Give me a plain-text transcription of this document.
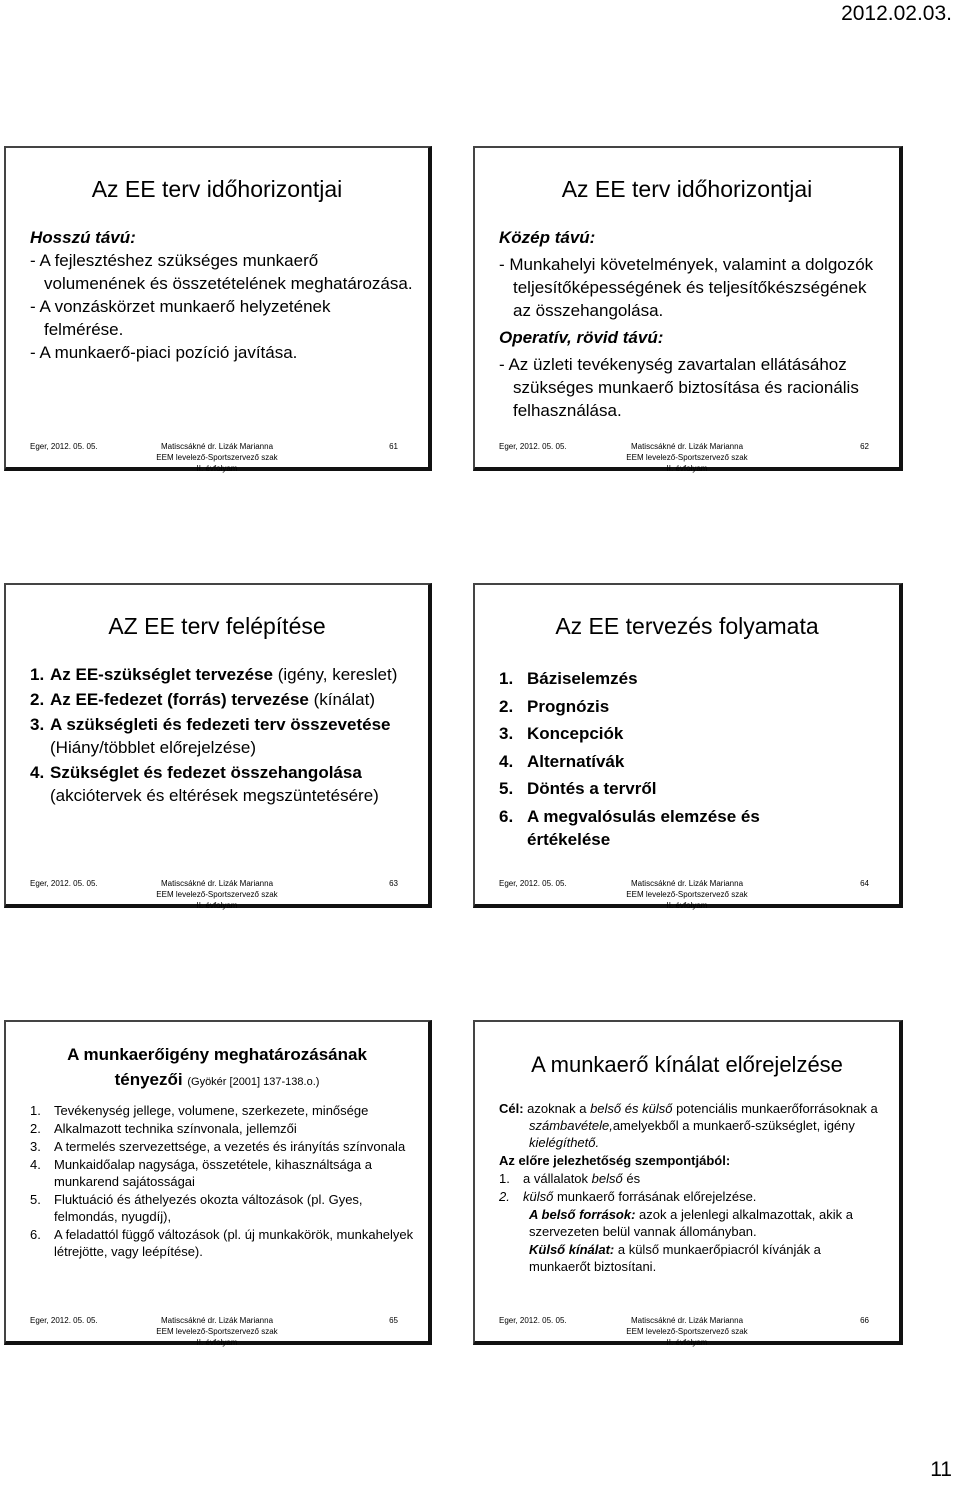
2012.02.03.
Az EE terv időhorizontjai

Hosszú távú:

- A fejlesztéshez szükséges munkaerő volumenének és összetételének meghatározása.

- A vonzáskörzet munkaerő helyzetének felmérése.

- A munkaerő-piaci pozíció javítása.

Eger, 2012. 05. 05.	Matiscsákné dr. Lizák Marianna
EEM levelező-Sportszervező szak
II. évfolyam
61
Az EE terv időhorizontjai

Közép távú:

- Munkahelyi követelmények, valamint a dolgozók teljesítőképességének és teljesítőkészségének az összehangolása.

Operatív, rövid távú:

- Az üzleti tevékenység zavartalan ellátásához szükséges munkaerő biztosítása és racionális felhasználása.

Eger, 2012. 05. 05.	Matiscsákné dr. Lizák Marianna
EEM levelező-Sportszervező szak
II. évfolyam
62
AZ EE terv felépítése
1. Az EE-szükséglet tervezése (igény, kereslet)
2. Az EE-fedezet (forrás) tervezése (kínálat)
3. A szükségleti és fedezeti terv összevetése (Hiány/többlet előrejelzése)
4. Szükséglet és fedezet összehangolása (akciótervek és eltérések megszüntetésére)
Eger, 2012. 05. 05.	Matiscsákné dr. Lizák Marianna
EEM levelező-Sportszervező szak
II. évfolyam
63
Az EE tervezés folyamata
1. Báziselemzés
2. Prognózis
3. Koncepciók
4. Alternatívák
5. Döntés a tervről
6. A megvalósulás elemzése és értékelése
Eger, 2012. 05. 05.	Matiscsákné dr. Lizák Marianna
EEM levelező-Sportszervező szak
II. évfolyam
64
A munkaerőigény meghatározásának
tényezői (Gyökér [2001] 137-138.o.)
1.	Tevékenység jellege, volumene, szerkezete, minősége
2.	Alkalmazott technika színvonala, jellemzői
3.	A termelés szervezettsége, a vezetés és irányítás színvonala
4.	Munkaidőalap nagysága, összetétele, kihasználtsága a munkarend sajátosságai
5.	Fluktuáció és áthelyezés okozta változások (pl. Gyes, felmondás, nyugdíj),
6.	A feladattól függő változások (pl. új munkakörök, munkahelyek létrejötte, vagy leépítése).
Eger, 2012. 05. 05.	Matiscsákné dr. Lizák Marianna
EEM levelező-Sportszervező szak
II. évfolyam
65
A munkaerő kínálat előrejelzése

Cél: azoknak a belső és külső potenciális munkaerőforrásoknak a számbavétele,amelyekből a munkaerő-szükséglet, igény kielégíthető.

Az előre jelezhetőség szempontjából:

1.	a vállalatok belső és
2.	külső munkaerő forrásának előrejelzése.

A belső források: azok a jelenlegi alkalmazottak, akik a szervezeten belül vannak állományban.

Külső kínálat: a külső munkaerőpiacról kívánják a munkaerőt biztosítani.

Eger, 2012. 05. 05.	Matiscsákné dr. Lizák Marianna
EEM levelező-Sportszervező szak
II. évfolyam
66
11
